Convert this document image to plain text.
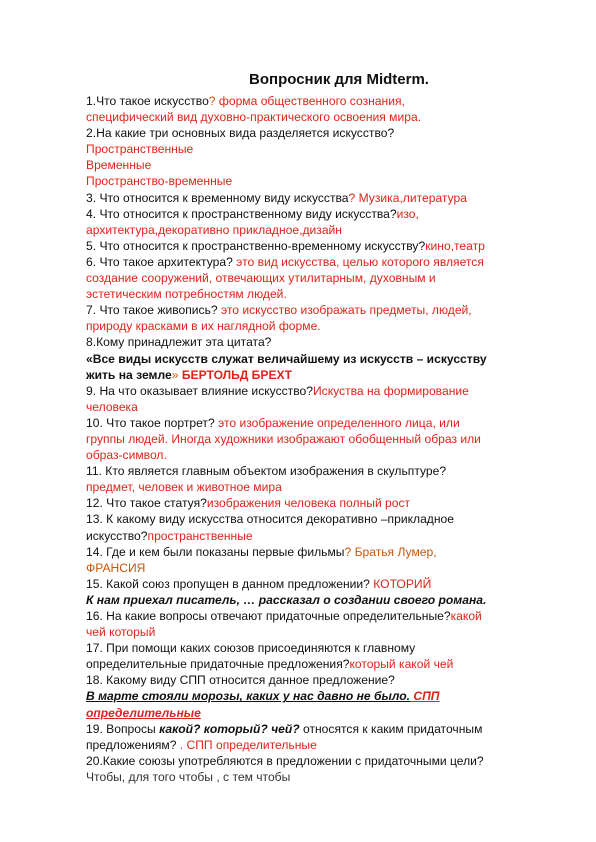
Вопросник для Midterm.
1.Что такое искусство? форма общественного сознания,
специфический вид духовно-практического освоения мира.
2.На какие три основных вида разделяется искусство?
Пространственные
Временные
Пространство-временные
3. Что относится к временному виду искусства? Музика,литература
4. Что относится к пространственному виду искусства?изо,
архитектура,декоративно прикладное,дизайн
5. Что относится к пространственно-временному искусству?кино,театр
6. Что такое архитектура? это вид искусства, целью которого является
создание сооружений, отвечающих утилитарным, духовным и
эстетическим потребностям людей.
7. Что такое живопись? это искусство изображать предметы, людей,
природу красками в их наглядной форме.
8.Кому принадлежит эта цитата?
«Все виды искусств служат величайшему из искусств – искусству
жить на земле» БЕРТОЛЬД БРЕХТ
9. На что оказывает влияние искусство?Искуства на формирование
человека
10. Что такое портрет? это изображение определенного лица, или
группы людей. Иногда художники изображают обобщенный образ или
образ-символ.
11. Кто является главным объектом изображения в скульптуре?
предмет, человек и животное мира
12. Что такое статуя?изображения человека полный рост
13. К какому виду искусства относится декоративно –прикладное
искусство?пространственные
14. Где и кем были показаны первые фильмы? Братья Лумер,
ФРАНСИЯ
15. Какой союз пропущен в данном предложении? КОТОРИЙ
К нам приехал писатель, … рассказал о создании своего романа.
16. На какие вопросы отвечают придаточные определительные?какой
чей который
17. При помощи каких союзов присоединяются к главному
определительные придаточные предложения?который какой чей
18. Какому виду СПП относится данное предложение?
В марте стояли морозы, каких у нас давно не было. СПП
определительные
19. Вопросы какой? который? чей? относятся к каким придаточным
предложениям? . СПП определительные
20.Какие союзы употребляются в предложении с придаточными цели?
Чтобы, для того чтобы , с тем чтобы
